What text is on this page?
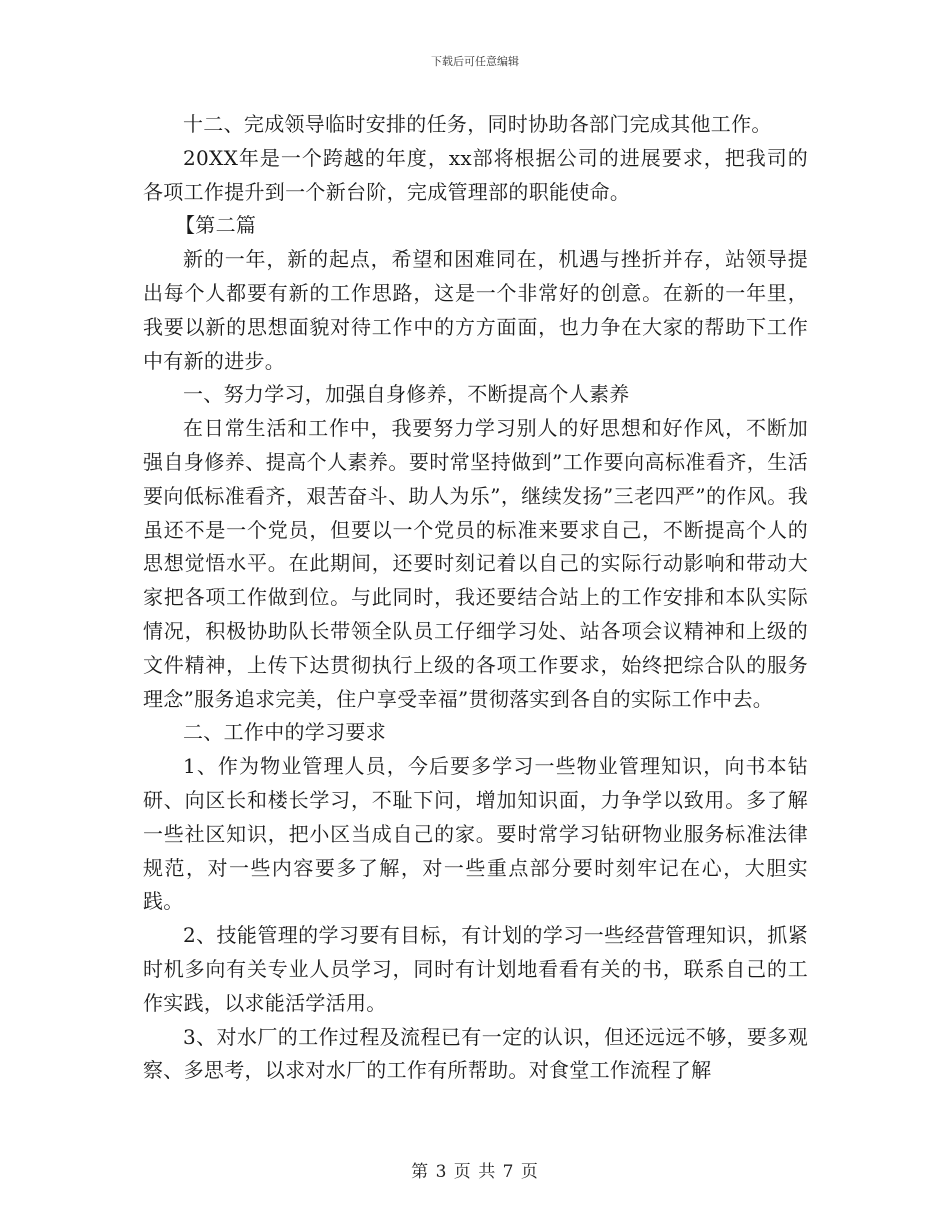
下载后可任意编辑

十二、完成领导临时安排的任务，同时协助各部门完成其他工作。

20XX年是一个跨越的年度，xx部将根据公司的进展要求，把我司的各项工作提升到一个新台阶，完成管理部的职能使命。

【第二篇

新的一年，新的起点，希望和困难同在，机遇与挫折并存，站领导提出每个人都要有新的工作思路，这是一个非常好的创意。在新的一年里，我要以新的思想面貌对待工作中的方方面面，也力争在大家的帮助下工作中有新的进步。

一、努力学习，加强自身修养，不断提高个人素养

在日常生活和工作中，我要努力学习别人的好思想和好作风，不断加强自身修养、提高个人素养。要时常坚持做到”工作要向高标准看齐，生活要向低标准看齐，艰苦奋斗、助人为乐”，继续发扬”三老四严”的作风。我虽还不是一个党员，但要以一个党员的标准来要求自己，不断提高个人的思想觉悟水平。在此期间，还要时刻记着以自己的实际行动影响和带动大家把各项工作做到位。与此同时，我还要结合站上的工作安排和本队实际情况，积极协助队长带领全队员工仔细学习处、站各项会议精神和上级的文件精神，上传下达贯彻执行上级的各项工作要求，始终把综合队的服务理念”服务追求完美，住户享受幸福”贯彻落实到各自的实际工作中去。

二、工作中的学习要求

1、作为物业管理人员，今后要多学习一些物业管理知识，向书本钻研、向区长和楼长学习，不耻下问，增加知识面，力争学以致用。多了解一些社区知识，把小区当成自己的家。要时常学习钻研物业服务标准法律规范，对一些内容要多了解，对一些重点部分要时刻牢记在心，大胆实践。

2、技能管理的学习要有目标，有计划的学习一些经营管理知识，抓紧时机多向有关专业人员学习，同时有计划地看看有关的书，联系自己的工作实践，以求能活学活用。

3、对水厂的工作过程及流程已有一定的认识，但还远远不够，要多观察、多思考，以求对水厂的工作有所帮助。对食堂工作流程了解

第 3 页 共 7 页
